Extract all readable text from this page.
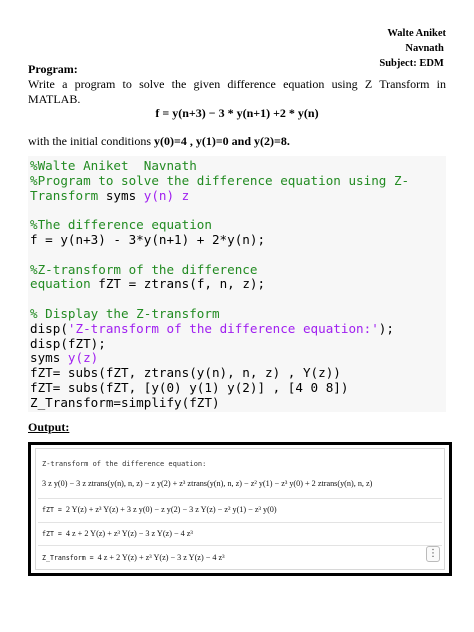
Walte Aniket
Navnath
Subject: EDM
Program:
Write a program to solve the given difference equation using Z Transform in MATLAB.
f = y(n+3) − 3 * y(n+1) +2 * y(n)
with the initial conditions y(0)=4 , y(1)=0 and y(2)=8.
%Walte Aniket  Navnath
%Program to solve the difference equation using Z-
Transform syms y(n) z
%The difference equation
f = y(n+3) - 3*y(n+1) + 2*y(n);
%Z-transform of the difference
equation fZT = ztrans(f, n, z);
% Display the Z-transform
disp('Z-transform of the difference equation:');
disp(fZT);
syms y(z)
fZT= subs(fZT, ztrans(y(n), n, z) , Y(z))
fZT= subs(fZT, [y(0) y(1) y(2)] , [4 0 8])
Z_Transform=simplify(fZT)
Output:
Z-transform of the difference equation:
3 z y(0) − 3 z ztrans(y(n), n, z) − z y(2) + z³ ztrans(y(n), n, z) − z² y(1) − z³ y(0) + 2 ztrans(y(n), n, z)
fZT = 2 Y(z) + z³ Y(z) + 3 z y(0) − z y(2) − 3 z Y(z) − z² y(1) − z³ y(0)
fZT = 4 z + 2 Y(z) + z³ Y(z) − 3 z Y(z) − 4 z³
Z_Transform = 4 z + 2 Y(z) + z³ Y(z) − 3 z Y(z) − 4 z³	⋮
